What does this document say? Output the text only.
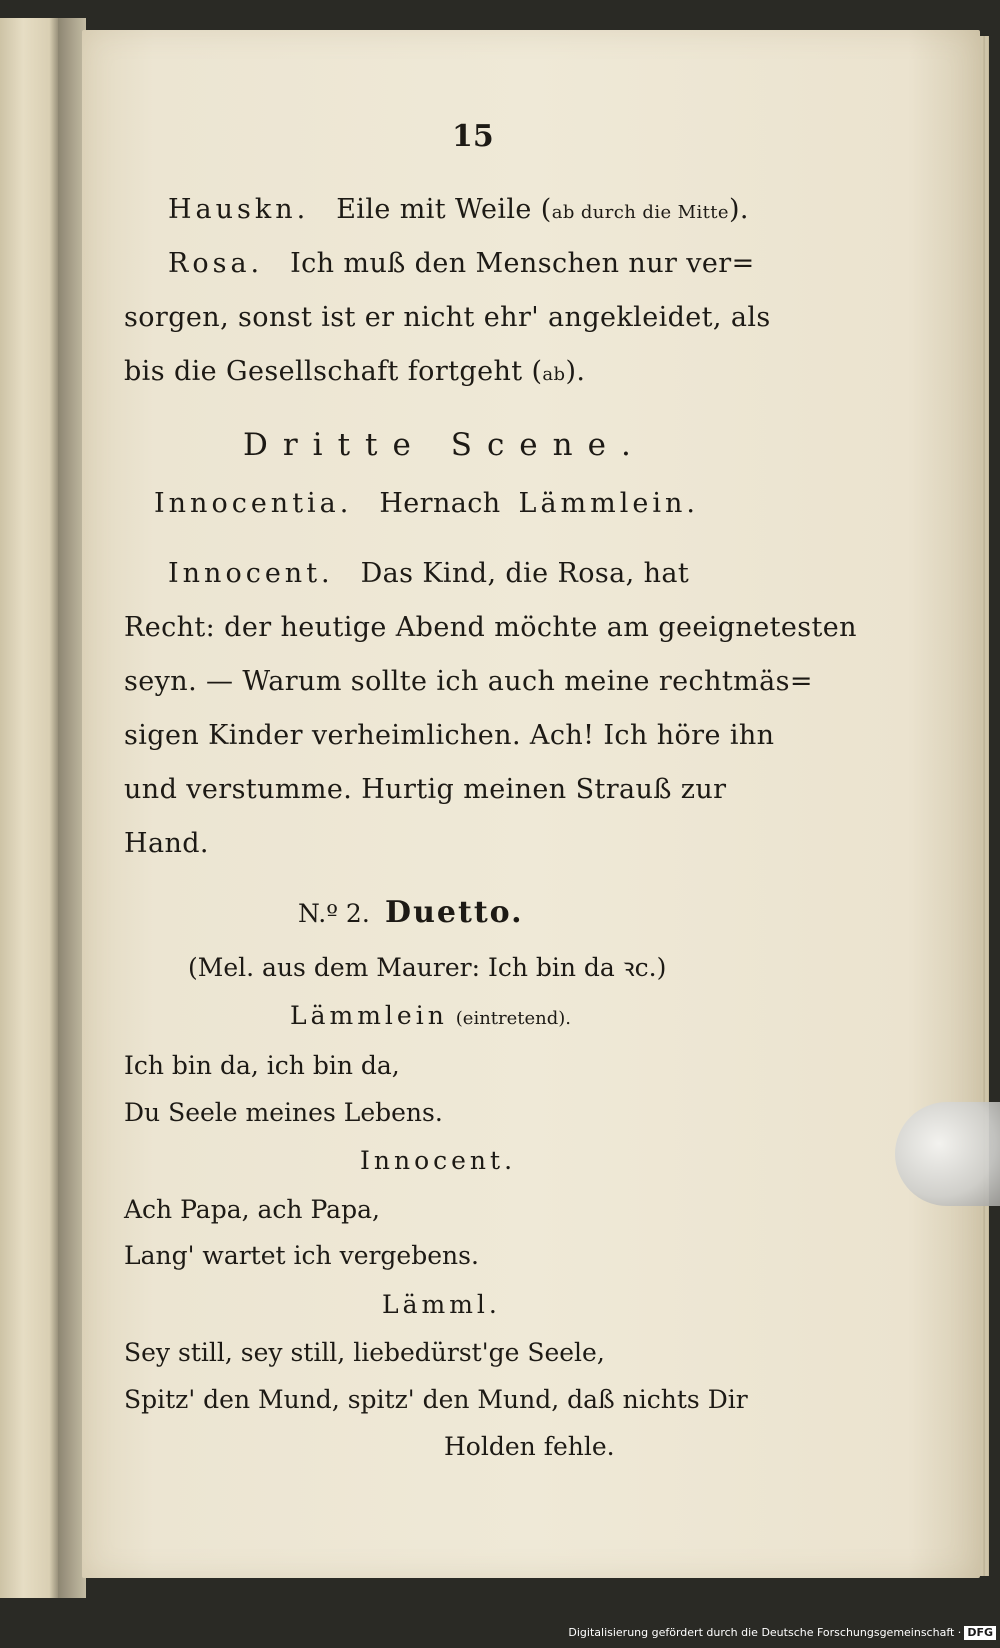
15
Hauskn. Eile mit Weile (ab durch die Mitte).
Rosa. Ich muß den Menschen nur ver=
sorgen, sonst ist er nicht ehr' angekleidet, als
bis die Gesellschaft fortgeht (ab).
Dritte Scene.
Innocentia. Hernach Lämmlein.
Innocent. Das Kind, die Rosa, hat
Recht: der heutige Abend möchte am geeignetesten
seyn. — Warum sollte ich auch meine rechtmäs=
sigen Kinder verheimlichen. Ach! Ich höre ihn
und verstumme. Hurtig meinen Strauß zur
Hand.
N.º 2. Duetto.
(Mel. aus dem Maurer: Ich bin da ꝛc.)
Lämmlein (eintretend).
Ich bin da, ich bin da,
Du Seele meines Lebens.
Innocent.
Ach Papa, ach Papa,
Lang' wartet ich vergebens.
Lämml.
Sey still, sey still, liebedürst'ge Seele,
Spitz' den Mund, spitz' den Mund, daß nichts Dir
Holden fehle.
Digitalisierung gefördert durch die Deutsche Forschungsgemeinschaft · DFG
